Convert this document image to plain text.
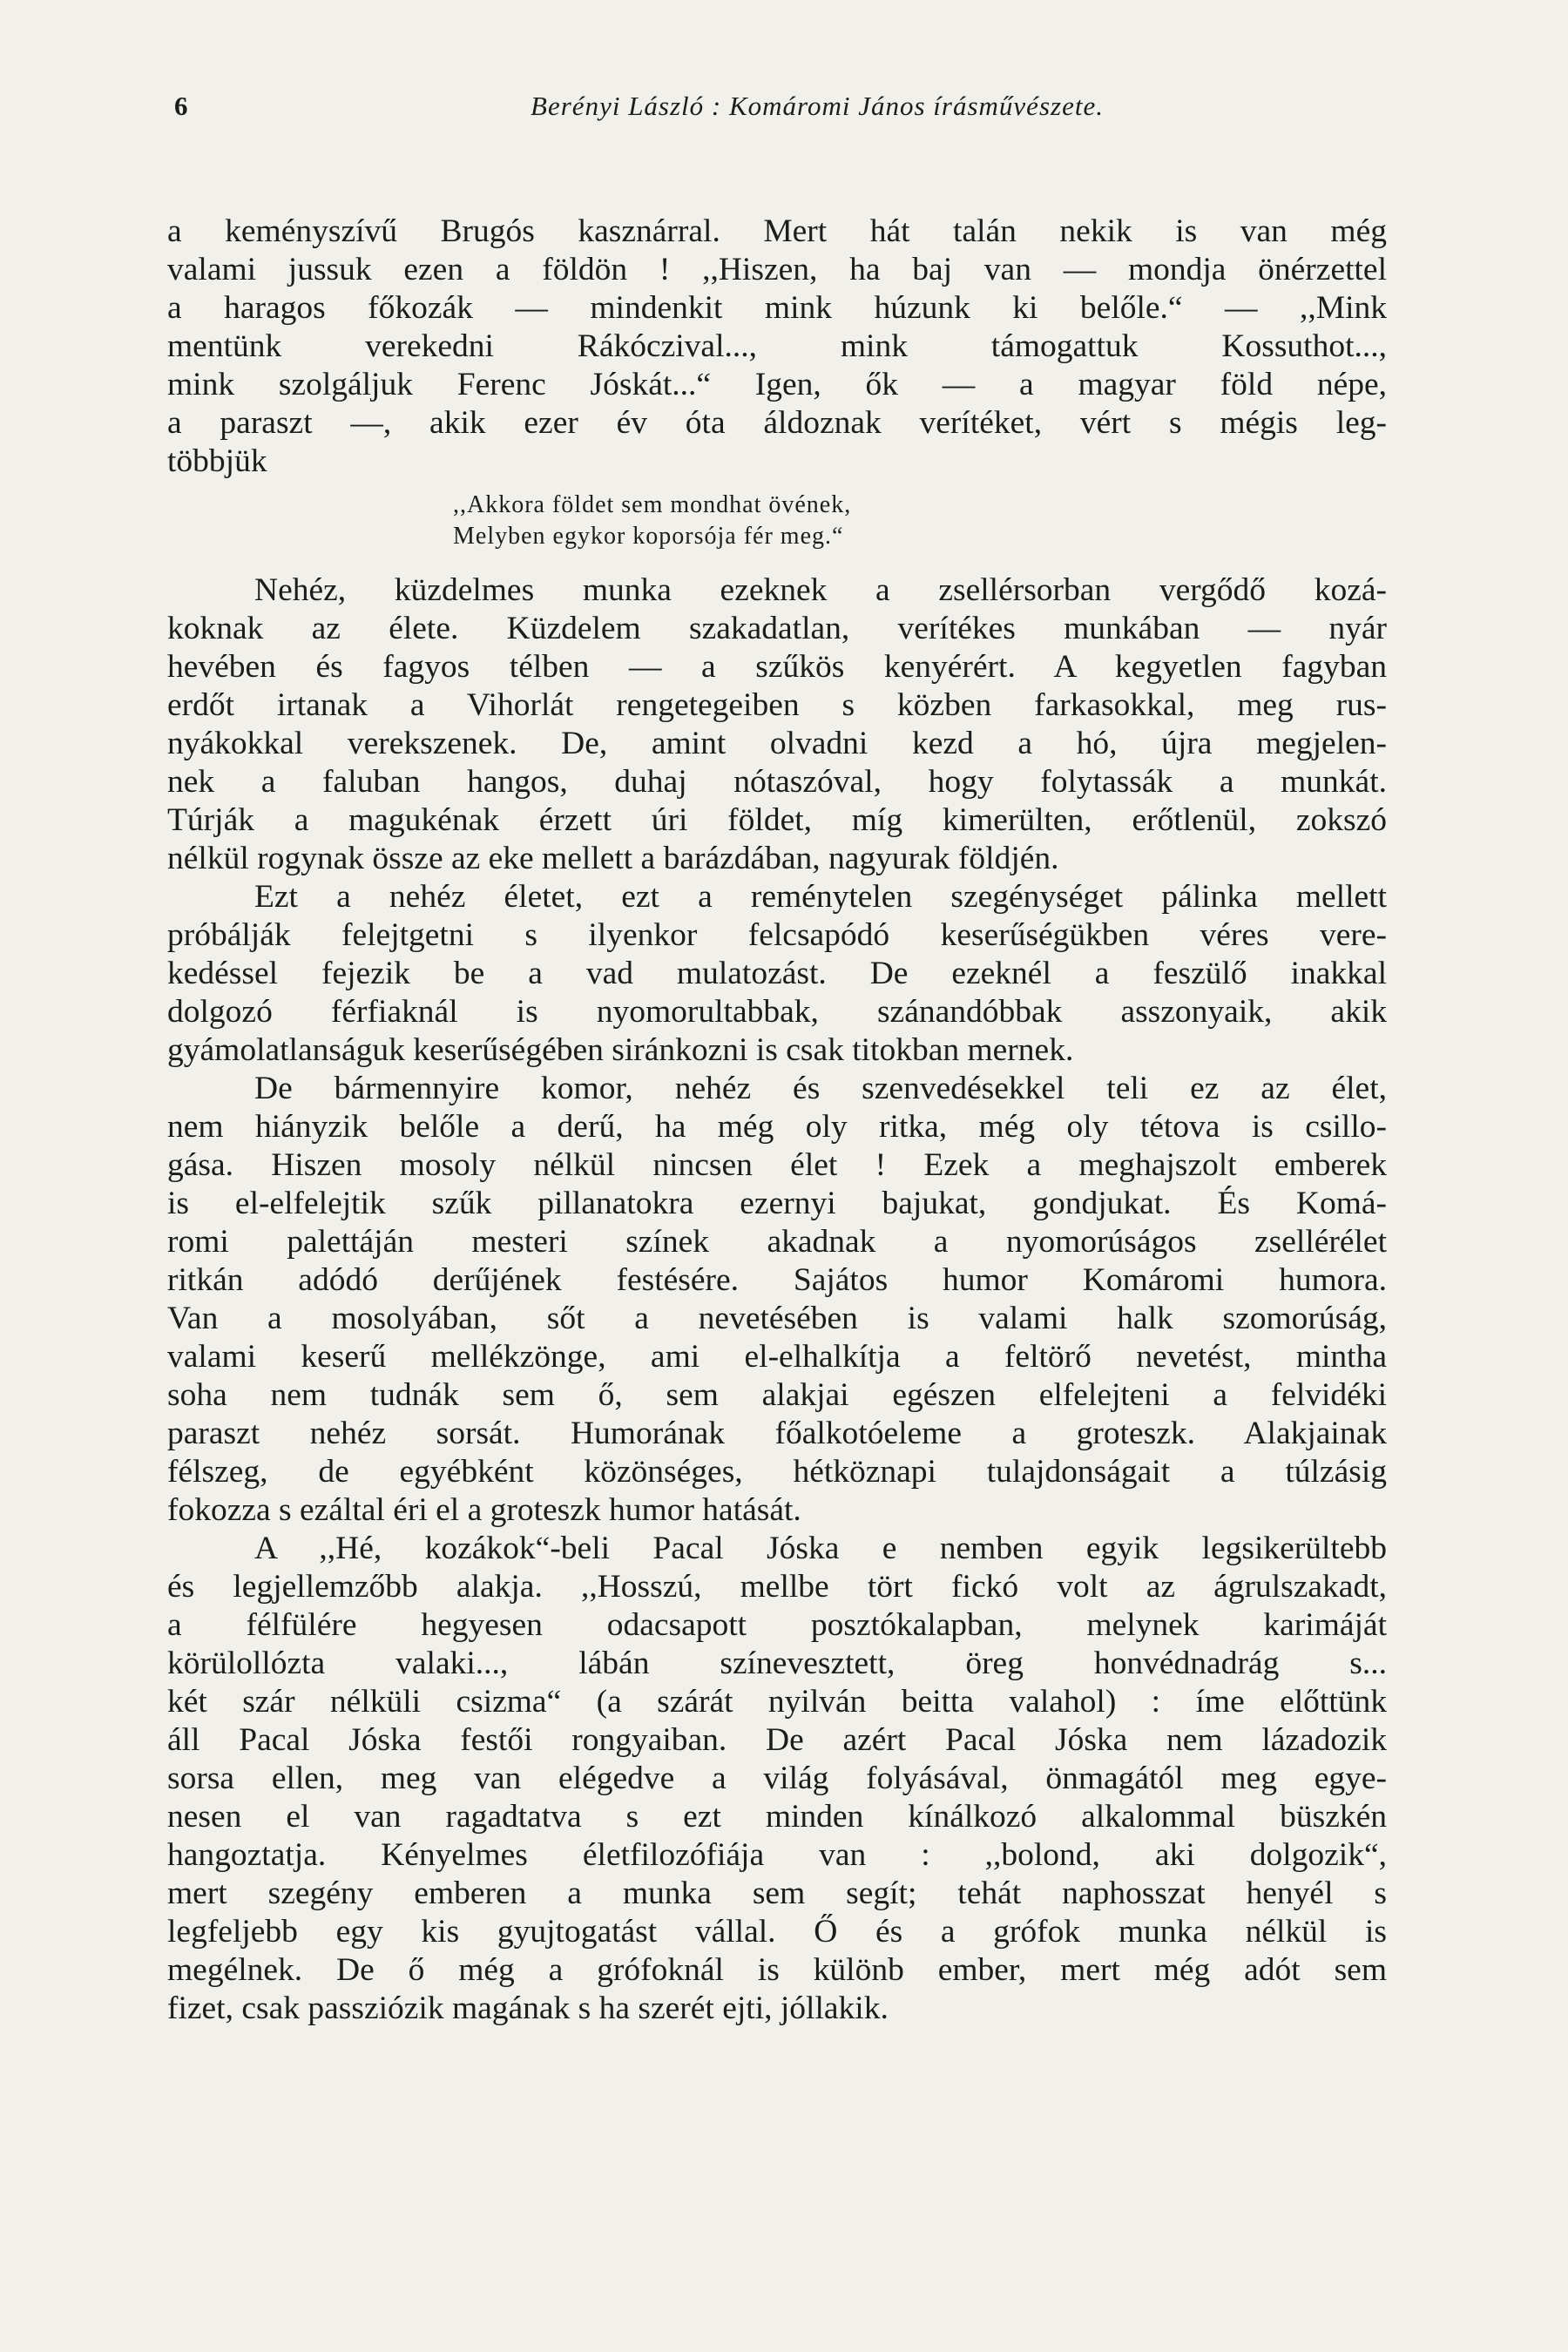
6	Berényi László : Komáromi János írásművészete.
a keményszívű Brugós kasznárral. Mert hát talán nekik is van még
valami jussuk ezen a földön ! ,,Hiszen, ha baj van — mondja önérzettel
a haragos főkozák — mindenkit mink húzunk ki belőle.“ — ,,Mink
mentünk verekedni Rákóczival..., mink támogattuk Kossuthot...,
mink szolgáljuk Ferenc Jóskát...“ Igen, ők — a magyar föld népe,
a paraszt —, akik ezer év óta áldoznak verítéket, vért s mégis leg-
többjük
,,Akkora földet sem mondhat övének,
Melyben egykor koporsója fér meg.“
Nehéz, küzdelmes munka ezeknek a zsellérsorban vergődő kozá-
koknak az élete. Küzdelem szakadatlan, verítékes munkában — nyár
hevében és fagyos télben — a szűkös kenyérért. A kegyetlen fagyban
erdőt irtanak a Vihorlát rengetegeiben s közben farkasokkal, meg rus-
nyákokkal verekszenek. De, amint olvadni kezd a hó, újra megjelen-
nek a faluban hangos, duhaj nótaszóval, hogy folytassák a munkát.
Túrják a magukénak érzett úri földet, míg kimerülten, erőtlenül, zokszó
nélkül rogynak össze az eke mellett a barázdában, nagyurak földjén.
Ezt a nehéz életet, ezt a reménytelen szegénységet pálinka mellett
próbálják felejtgetni s ilyenkor felcsapódó keserűségükben véres vere-
kedéssel fejezik be a vad mulatozást. De ezeknél a feszülő inakkal
dolgozó férfiaknál is nyomorultabbak, szánandóbbak asszonyaik, akik
gyámolatlanságuk keserűségében siránkozni is csak titokban mernek.
De bármennyire komor, nehéz és szenvedésekkel teli ez az élet,
nem hiányzik belőle a derű, ha még oly ritka, még oly tétova is csillo-
gása. Hiszen mosoly nélkül nincsen élet ! Ezek a meghajszolt emberek
is el-elfelejtik szűk pillanatokra ezernyi bajukat, gondjukat. És Komá-
romi palettáján mesteri színek akadnak a nyomorúságos zsellérélet
ritkán adódó derűjének festésére. Sajátos humor Komáromi humora.
Van a mosolyában, sőt a nevetésében is valami halk szomorúság,
valami keserű mellékzönge, ami el-elhalkítja a feltörő nevetést, mintha
soha nem tudnák sem ő, sem alakjai egészen elfelejteni a felvidéki
paraszt nehéz sorsát. Humorának főalkotóeleme a groteszk. Alakjainak
félszeg, de egyébként közönséges, hétköznapi tulajdonságait a túlzásig
fokozza s ezáltal éri el a groteszk humor hatását.
A ,,Hé, kozákok“-beli Pacal Jóska e nemben egyik legsikerültebb
és legjellemzőbb alakja. ,,Hosszú, mellbe tört fickó volt az ágrulszakadt,
a félfülére hegyesen odacsapott posztókalapban, melynek karimáját
körülollózta valaki..., lábán színevesztett, öreg honvédnadrág s...
két szár nélküli csizma“ (a szárát nyilván beitta valahol) : íme előttünk
áll Pacal Jóska festői rongyaiban. De azért Pacal Jóska nem lázadozik
sorsa ellen, meg van elégedve a világ folyásával, önmagától meg egye-
nesen el van ragadtatva s ezt minden kínálkozó alkalommal büszkén
hangoztatja. Kényelmes életfilozófiája van : ,,bolond, aki dolgozik“,
mert szegény emberen a munka sem segít; tehát naphosszat henyél s
legfeljebb egy kis gyujtogatást vállal. Ő és a grófok munka nélkül is
megélnek. De ő még a grófoknál is különb ember, mert még adót sem
fizet, csak passziózik magának s ha szerét ejti, jóllakik.
